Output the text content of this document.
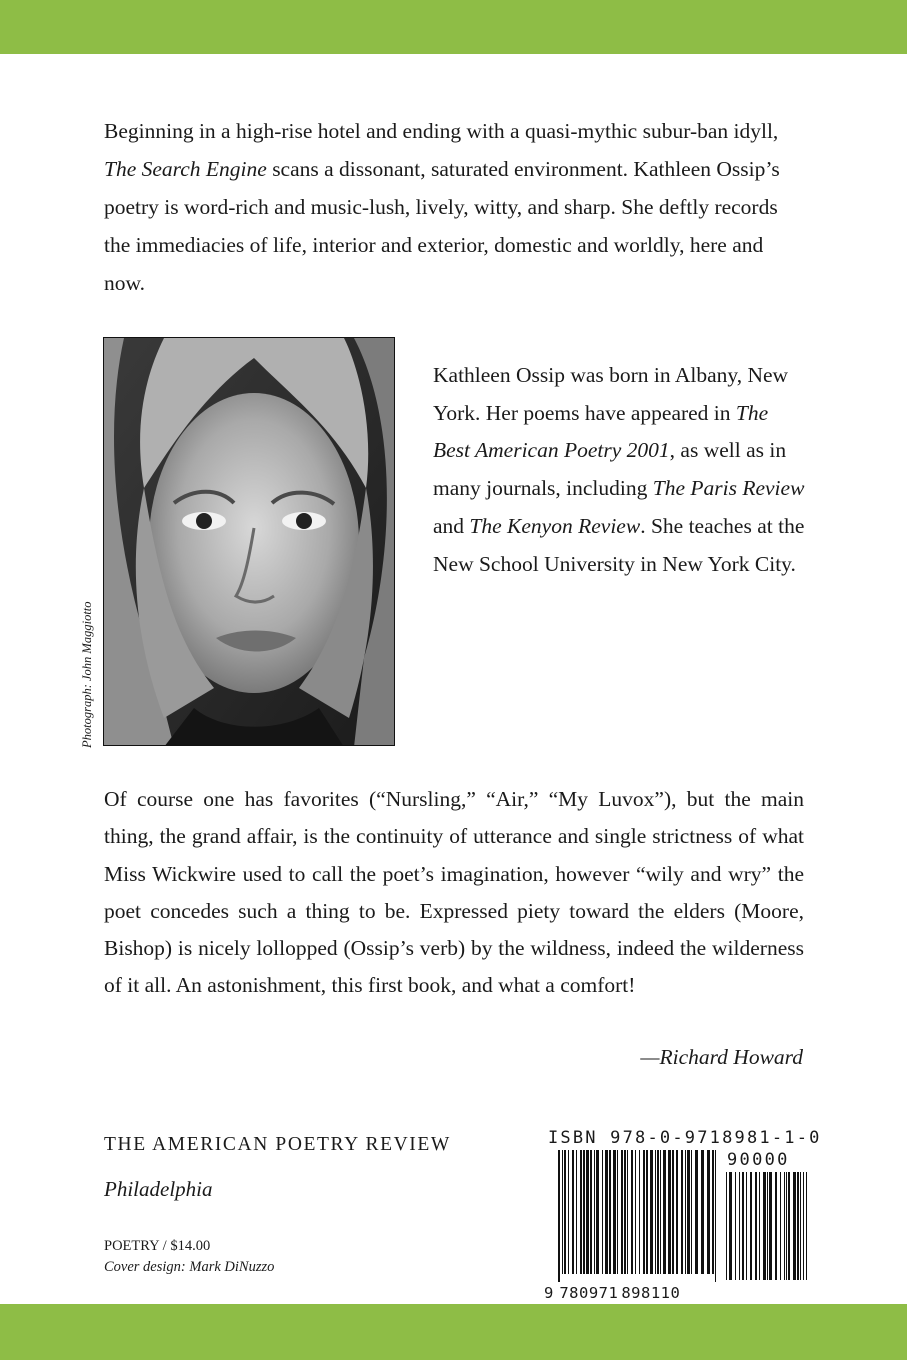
Beginning in a high-rise hotel and ending with a quasi-mythic subur-ban idyll, The Search Engine scans a dissonant, saturated environment. Kathleen Ossip’s poetry is word-rich and music-lush, lively, witty, and sharp. She deftly records the immediacies of life, interior and exterior, domestic and worldly, here and now.

Photograph: John Maggiotto

Kathleen Ossip was born in Albany, New York. Her poems have appeared in The Best American Poetry 2001, as well as in many journals, including The Paris Review and The Kenyon Review. She teaches at the New School University in New York City.

Of course one has favorites (“Nursling,” “Air,” “My Luvox”), but the main thing, the grand affair, is the continuity of utterance and single strictness of what Miss Wickwire used to call the poet’s imagination, however “wily and wry” the poet concedes such a thing to be. Expressed piety toward the elders (Moore, Bishop) is nicely lollopped (Ossip’s verb) by the wildness, indeed the wilderness of it all. An astonishment, this first book, and what a comfort!

—Richard Howard
THE AMERICAN POETRY REVIEW
Philadelphia
POETRY / $14.00
Cover design: Mark DiNuzzo
ISBN 978-0-9718981-1-0
90000
9 780971 898110
